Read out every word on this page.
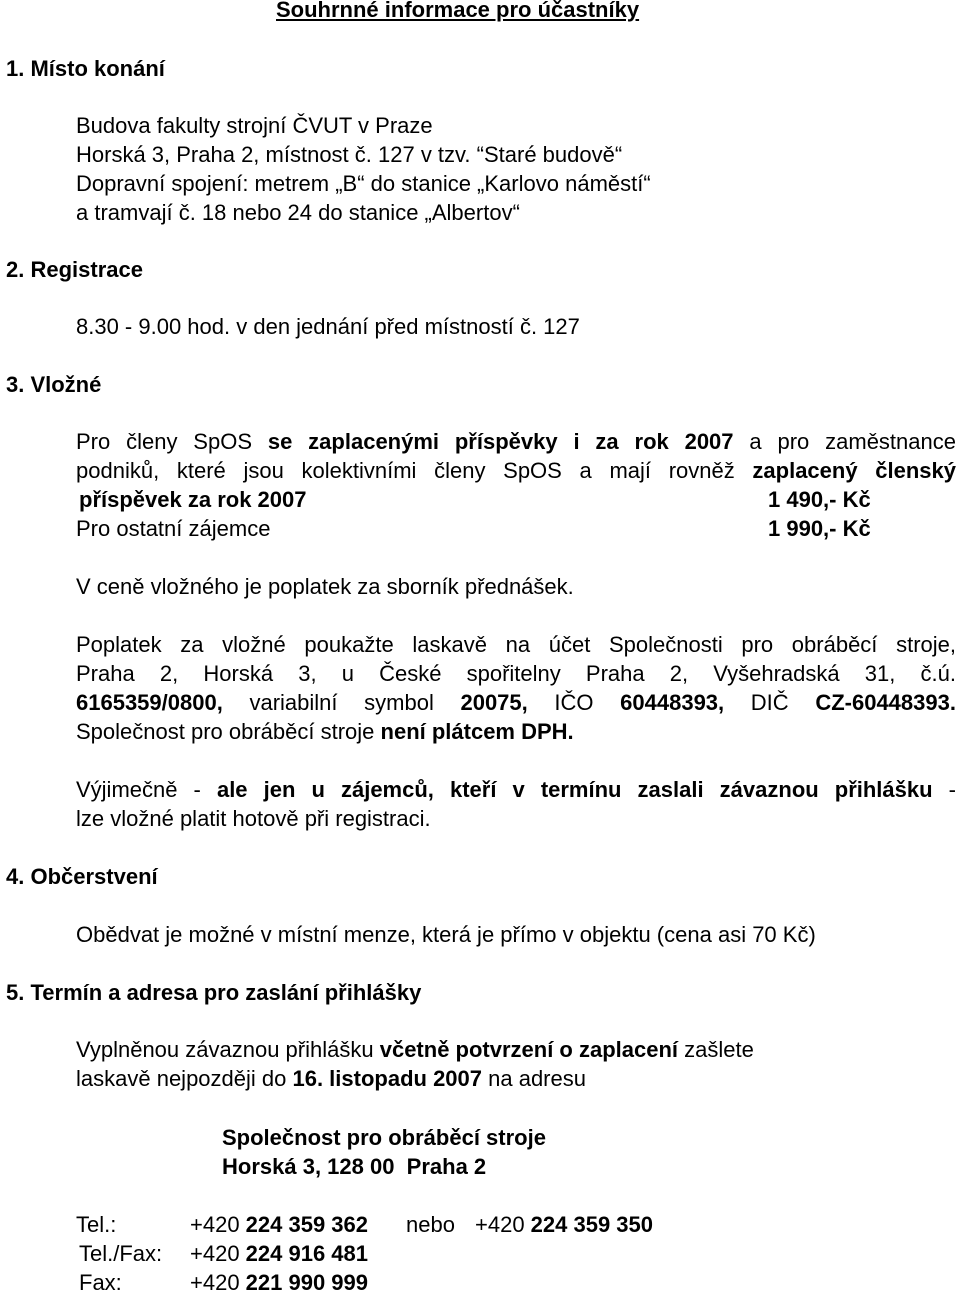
Souhrnné informace pro účastníky
1. Místo konání
Budova fakulty strojní ČVUT v Praze
Horská 3, Praha 2, místnost č. 127 v tzv. “Staré budově“
Dopravní spojení: metrem „B“ do stanice „Karlovo náměstí“
a tramvají č. 18 nebo 24 do stanice „Albertov“
2. Registrace
8.30 - 9.00 hod. v den jednání před místností č. 127
3. Vložné
Pro členy SpOS se zaplacenými příspěvky i za rok 2007 a pro zaměstnance
podniků, které jsou kolektivními členy SpOS a mají rovněž zaplacený členský
příspěvek za rok 2007	1 490,- Kč
Pro ostatní zájemce	1 990,- Kč
V ceně vložného je poplatek za sborník přednášek.
Poplatek za vložné poukažte laskavě na účet Společnosti pro obráběcí stroje,
Praha 2, Horská 3, u České spořitelny Praha 2, Vyšehradská 31, č.ú.
6165359/0800, variabilní symbol 20075, IČO 60448393, DIČ CZ-60448393.
Společnost pro obráběcí stroje není plátcem DPH.
Výjimečně - ale jen u zájemců, kteří v termínu zaslali závaznou přihlášku -
lze vložné platit hotově při registraci.
4. Občerstvení
Obědvat je možné v místní menze, která je přímo v objektu (cena asi 70 Kč)
5. Termín a adresa pro zaslání přihlášky
Vyplněnou závaznou přihlášku včetně potvrzení o zaplacení zašlete
laskavě nejpozději do 16. listopadu 2007 na adresu
Společnost pro obráběcí stroje
Horská 3, 128 00  Praha 2
Tel.:	+420 224 359 362 nebo +420 224 359 350
Tel./Fax: +420 224 916 481
Fax:	+420 221 990 999
